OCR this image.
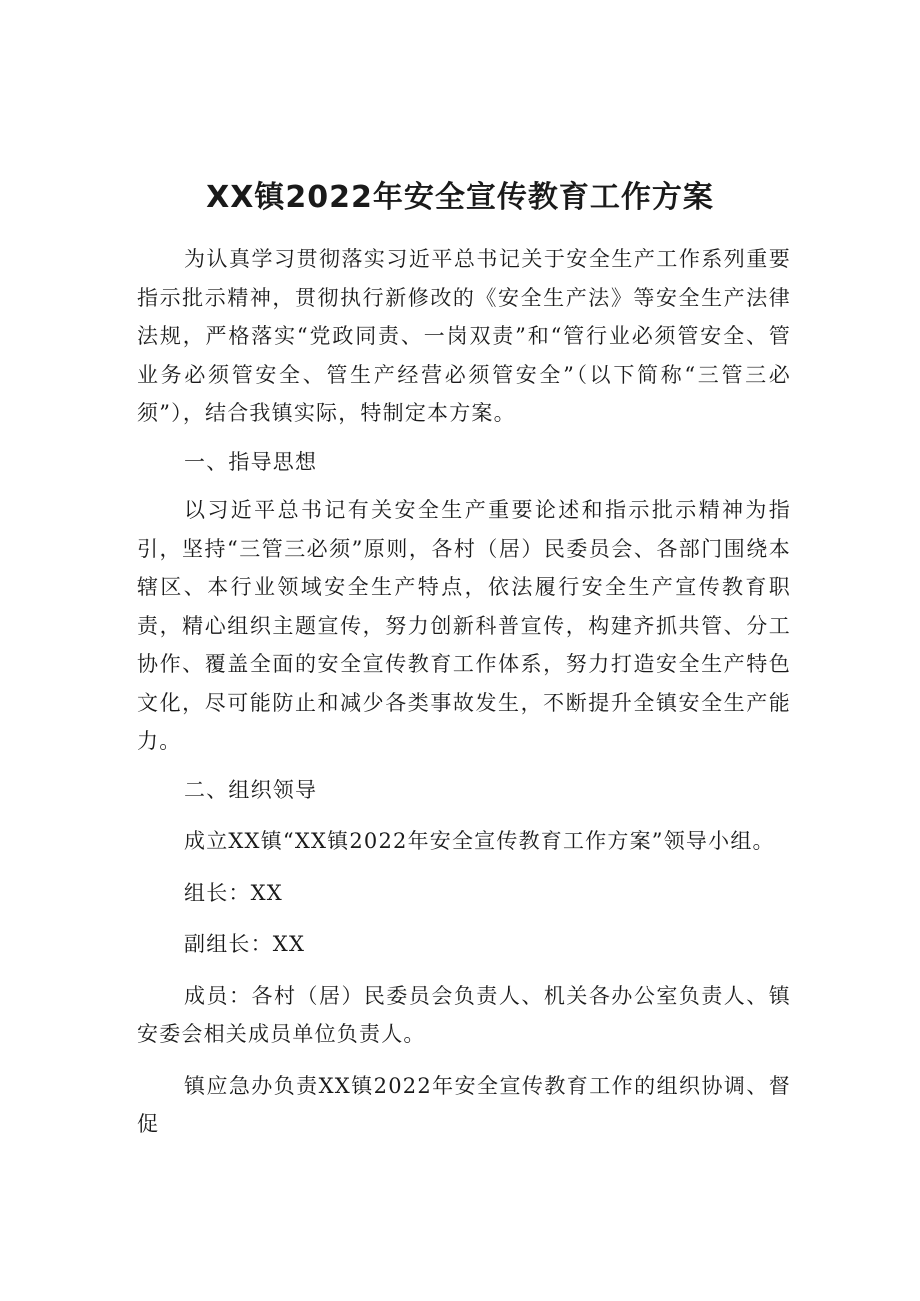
XX镇2022年安全宣传教育工作方案

为认真学习贯彻落实习近平总书记关于安全生产工作系列重要指示批示精神，贯彻执行新修改的《安全生产法》等安全生产法律法规，严格落实“党政同责、一岗双责”和“管行业必须管安全、管业务必须管安全、管生产经营必须管安全”（以下简称“三管三必须”），结合我镇实际，特制定本方案。

一、指导思想

以习近平总书记有关安全生产重要论述和指示批示精神为指引，坚持“三管三必须”原则，各村（居）民委员会、各部门围绕本辖区、本行业领域安全生产特点，依法履行安全生产宣传教育职责，精心组织主题宣传，努力创新科普宣传，构建齐抓共管、分工协作、覆盖全面的安全宣传教育工作体系，努力打造安全生产特色文化，尽可能防止和减少各类事故发生，不断提升全镇安全生产能力。

二、组织领导

成立XX镇“XX镇2022年安全宣传教育工作方案”领导小组。

组长：XX

副组长：XX

成员：各村（居）民委员会负责人、机关各办公室负责人、镇安委会相关成员单位负责人。

镇应急办负责XX镇2022年安全宣传教育工作的组织协调、督促
